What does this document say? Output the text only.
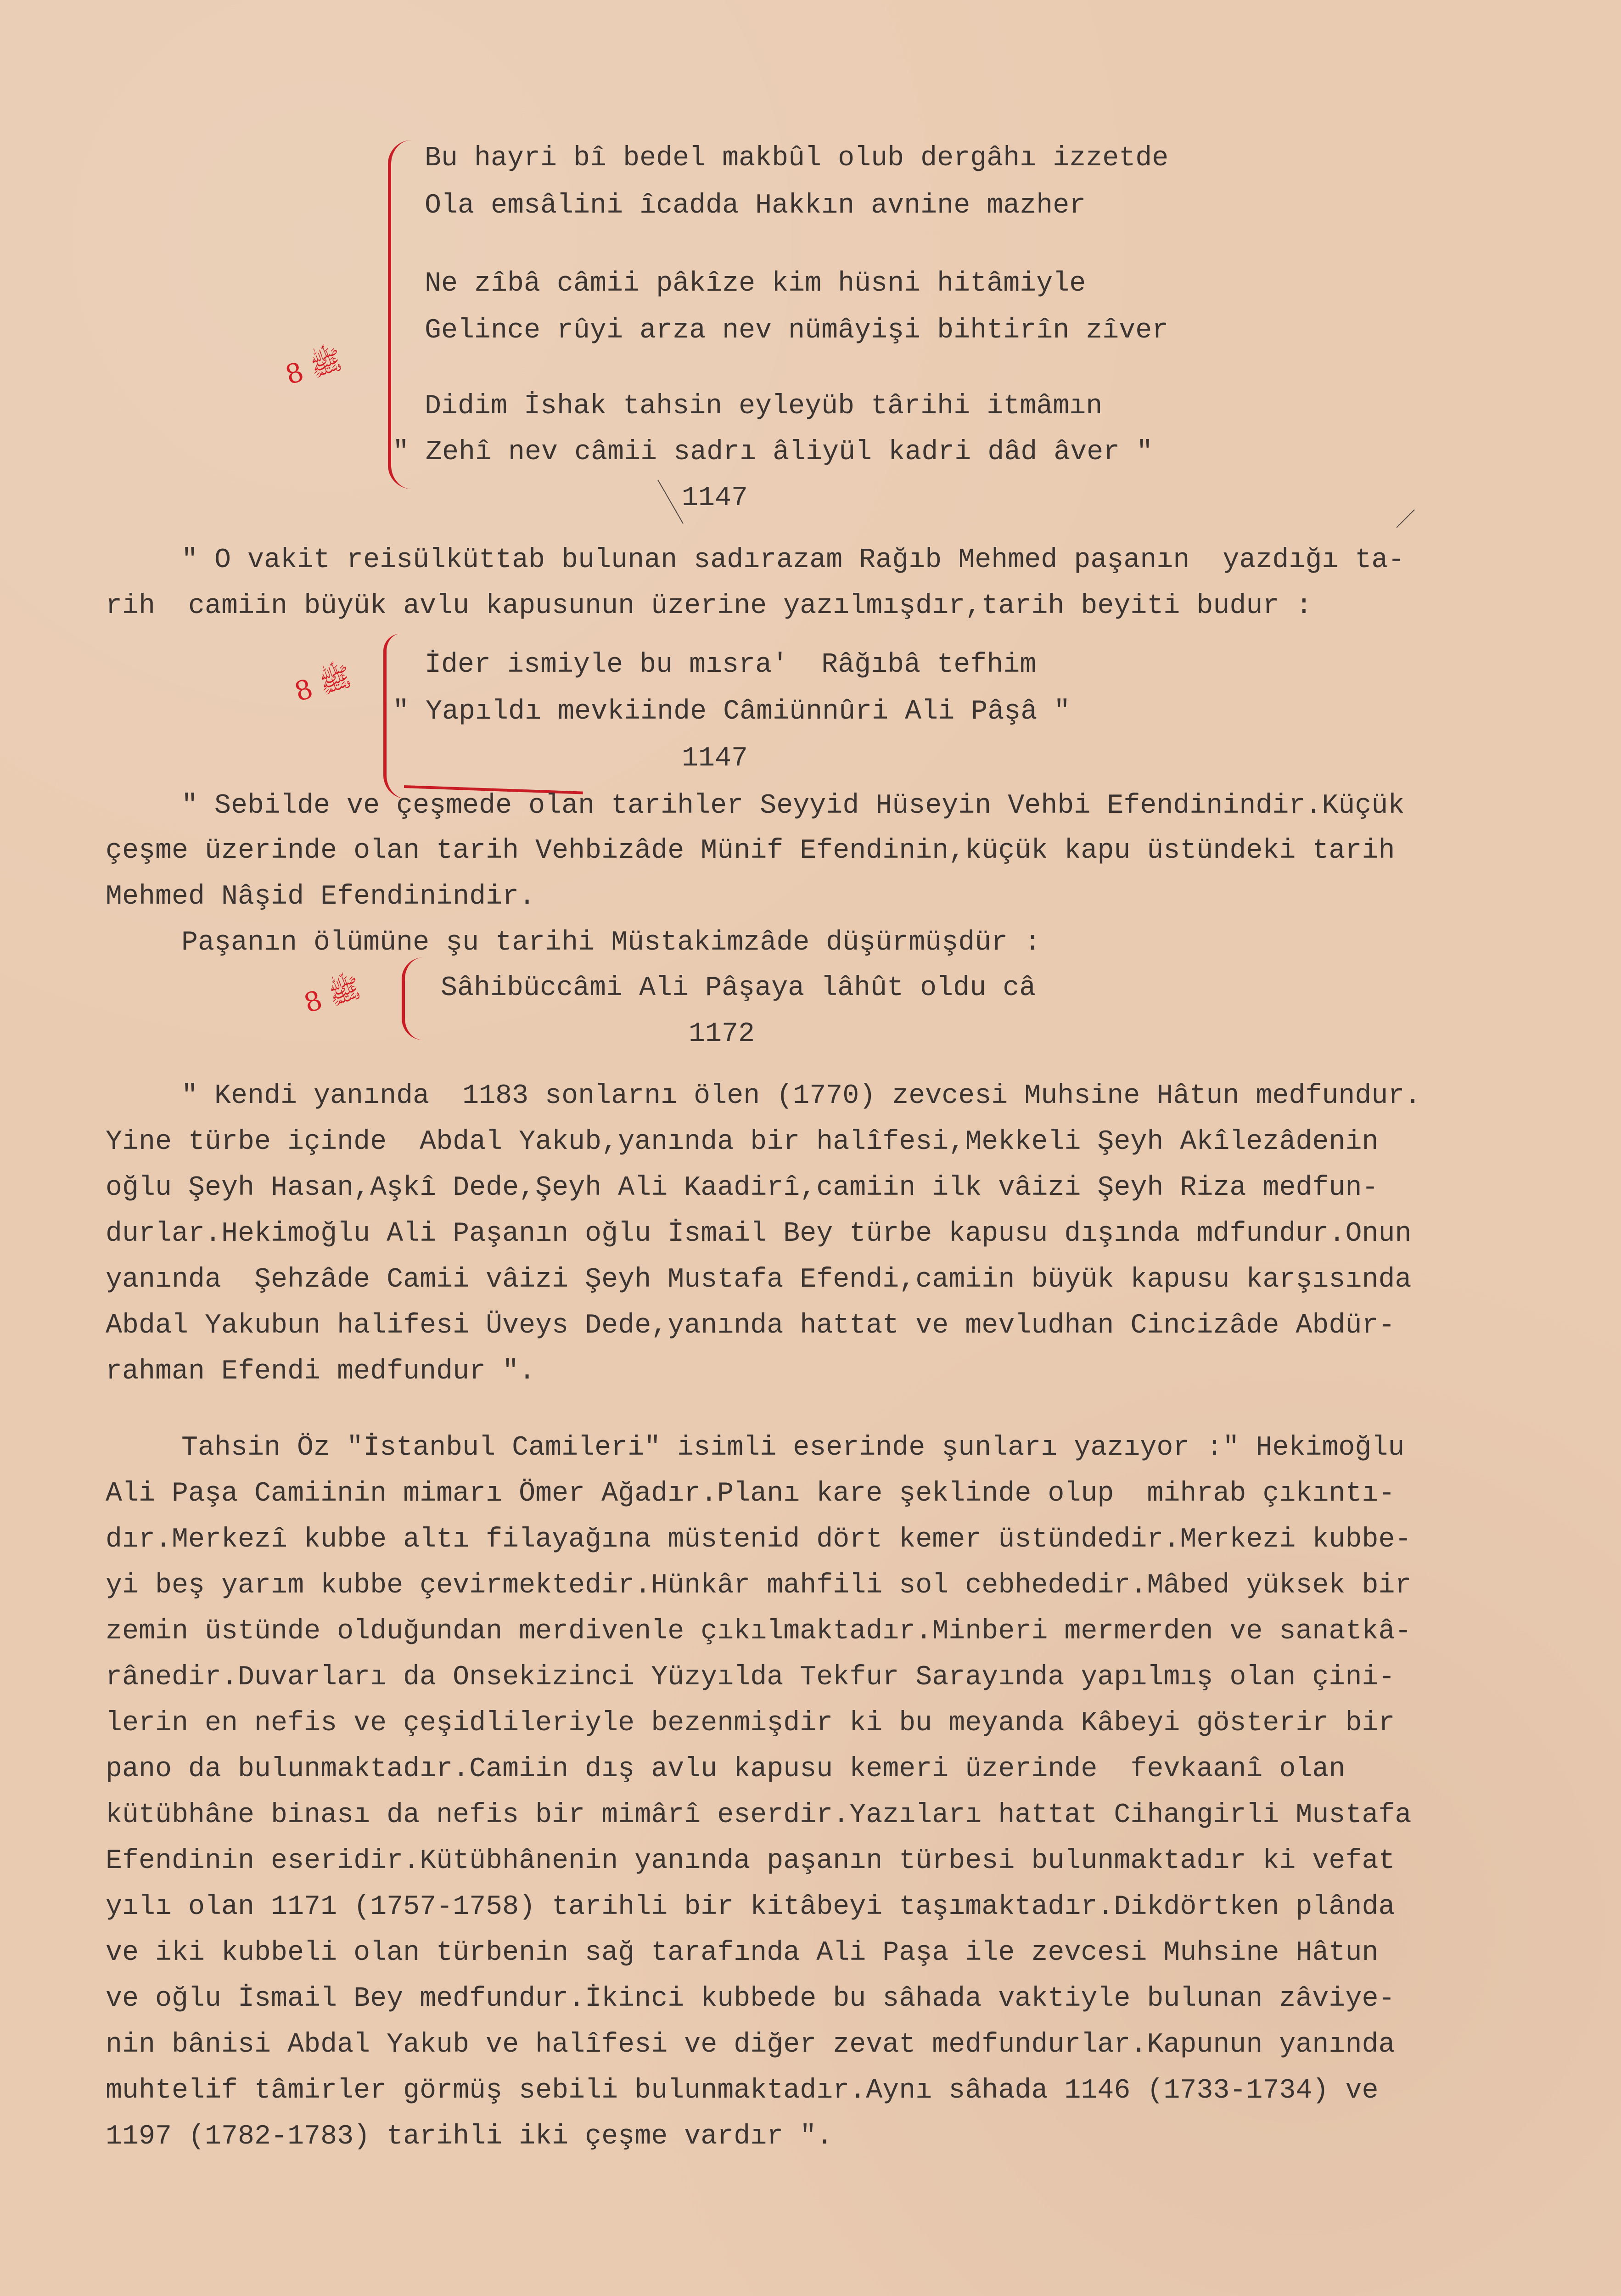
8 ﷺ
Bu hayri bî bedel makbûl olub dergâhı izzetde
Ola emsâlini îcadda Hakkın avnine mazher
Ne zîbâ câmii pâkîze kim hüsni hitâmiyle
Gelince rûyi arza nev nümâyişi bihtirîn zîver
Didim İshak tahsin eyleyüb târihi itmâmın
" Zehî nev câmii sadrı âliyül kadri dâd âver "
1147
" O vakit reisülküttab bulunan sadırazam Rağıb Mehmed paşanın  yazdığı ta-
rih  camiin büyük avlu kapusunun üzerine yazılmışdır,tarih beyiti budur :
8 ﷺ	İder ismiyle bu mısra'  Râğıbâ tefhim
" Yapıldı mevkiinde Câmiünnûri Ali Pâşâ "
1147
" Sebilde ve çeşmede olan tarihler Seyyid Hüseyin Vehbi Efendinindir.Küçük
çeşme üzerinde olan tarih Vehbizâde Münif Efendinin,küçük kapu üstündeki tarih
Mehmed Nâşid Efendinindir.
Paşanın ölümüne şu tarihi Müstakimzâde düşürmüşdür :
8 ﷺ	Sâhibüccâmi Ali Pâşaya lâhût oldu câ
1172
" Kendi yanında  1183 sonlarnı ölen (1770) zevcesi Muhsine Hâtun medfundur.
Yine türbe içinde  Abdal Yakub,yanında bir halîfesi,Mekkeli Şeyh Akîlezâdenin
oğlu Şeyh Hasan,Aşkî Dede,Şeyh Ali Kaadirî,camiin ilk vâizi Şeyh Riza medfun-
durlar.Hekimoğlu Ali Paşanın oğlu İsmail Bey türbe kapusu dışında mdfundur.Onun
yanında  Şehzâde Camii vâizi Şeyh Mustafa Efendi,camiin büyük kapusu karşısında
Abdal Yakubun halifesi Üveys Dede,yanında hattat ve mevludhan Cincizâde Abdür-
rahman Efendi medfundur ".
Tahsin Öz "İstanbul Camileri" isimli eserinde şunları yazıyor :" Hekimoğlu
Ali Paşa Camiinin mimarı Ömer Ağadır.Planı kare şeklinde olup  mihrab çıkıntı-
dır.Merkezî kubbe altı filayağına müstenid dört kemer üstündedir.Merkezi kubbe-
yi beş yarım kubbe çevirmektedir.Hünkâr mahfili sol cebhededir.Mâbed yüksek bir
zemin üstünde olduğundan merdivenle çıkılmaktadır.Minberi mermerden ve sanatkâ-
rânedir.Duvarları da Onsekizinci Yüzyılda Tekfur Sarayında yapılmış olan çini-
lerin en nefis ve çeşidlileriyle bezenmişdir ki bu meyanda Kâbeyi gösterir bir
pano da bulunmaktadır.Camiin dış avlu kapusu kemeri üzerinde  fevkaanî olan
kütübhâne binası da nefis bir mimârî eserdir.Yazıları hattat Cihangirli Mustafa
Efendinin eseridir.Kütübhânenin yanında paşanın türbesi bulunmaktadır ki vefat
yılı olan 1171 (1757-1758) tarihli bir kitâbeyi taşımaktadır.Dikdörtken plânda
ve iki kubbeli olan türbenin sağ tarafında Ali Paşa ile zevcesi Muhsine Hâtun
ve oğlu İsmail Bey medfundur.İkinci kubbede bu sâhada vaktiyle bulunan zâviye-
nin bânisi Abdal Yakub ve halîfesi ve diğer zevat medfundurlar.Kapunun yanında
muhtelif tâmirler görmüş sebili bulunmaktadır.Aynı sâhada 1146 (1733-1734) ve
1197 (1782-1783) tarihli iki çeşme vardır ".
